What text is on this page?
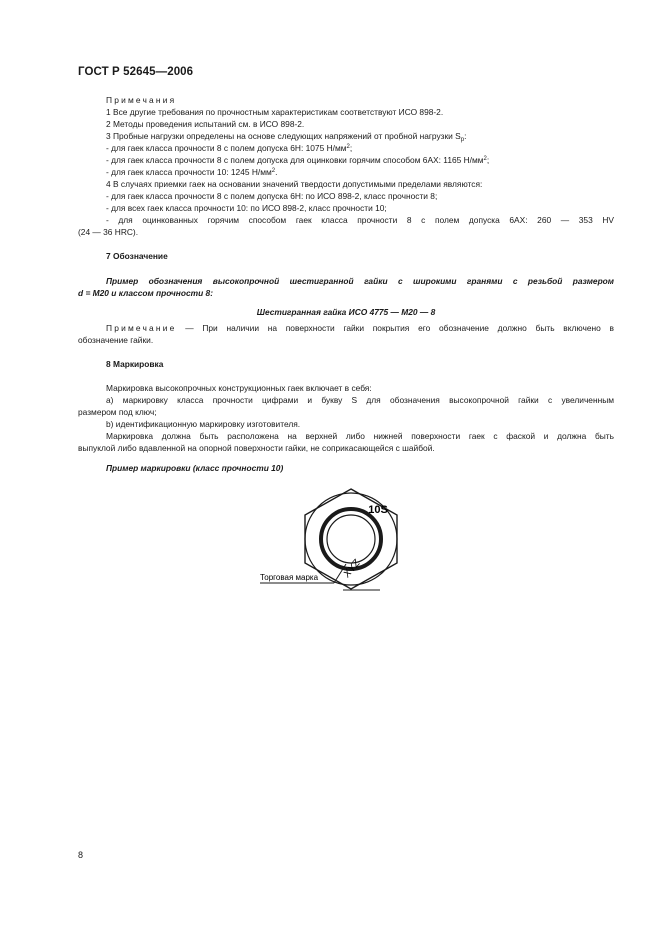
ГОСТ Р 52645—2006
Примечания
1 Все другие требования по прочностным характеристикам соответствуют ИСО 898-2.
2 Методы проведения испытаний см. в ИСО 898-2.
3 Пробные нагрузки определены на основе следующих напряжений от пробной нагрузки $S_p$:
- для гаек класса прочности 8 с полем допуска 6Н: 1075 $Н/мм^2$;
- для гаек класса прочности 8 с полем допуска для оцинковки горячим способом 6АХ: 1165 $Н/мм^2$;
- для гаек класса прочности 10: 1245 $Н/мм^2$.
4 В случаях приемки гаек на основании значений твердости допустимыми пределами являются:
- для гаек класса прочности 8 с полем допуска 6Н: по ИСО 898-2, класс прочности 8;
- для всех гаек класса прочности 10: по ИСО 898-2, класс прочности 10;
- для оцинкованных горячим способом гаек класса прочности 8 с полем допуска 6АХ: 260 — 353 HV
(24 — 36 HRC).
7 Обозначение
Пример обозначения высокопрочной шестигранной гайки с широкими гранями с резьбой размером
d = M20 и классом прочности 8:
Шестигранная гайка ИСО 4775 — М20 — 8
Примечание — При наличии на поверхности гайки покрытия его обозначение должно быть включено в
обозначение гайки.
8 Маркировка
Маркировка высокопрочных конструкционных гаек включает в себя:
a) маркировку класса прочности цифрами и букву S для обозначения высокопрочной гайки с увеличенным
размером под ключ;
b) идентификационную маркировку изготовителя.
Маркировка должна быть расположена на верхней либо нижней поверхности гаек с фаской и должна быть
выпуклой либо вдавленной на опорной поверхности гайки, не соприкасающейся с шайбой.
Пример маркировки (класс прочности 10)
10S
XYZ
Торговая марка
8
